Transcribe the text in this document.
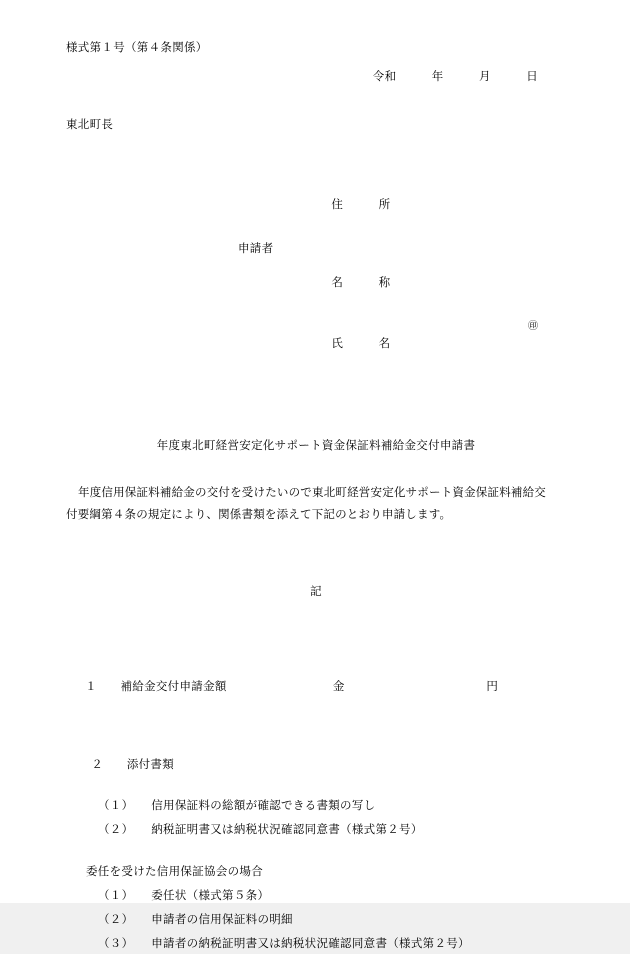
様式第１号（第４条関係）
令和　　　年　　　月　　　日
東北町長

住　　　所

申請者

名　　　称

氏　　　名

㊞

年度東北町経営安定化サポート資金保証料補給金交付申請書
年度信用保証料補給金の交付を受けたいので東北町経営安定化サポート資金保証料補給交
付要綱第４条の規定により、関係書類を添えて下記のとおり申請します。
記

１　　 補給金交付申請金額　　　　　　　　　	金　　　　　　　　　　　　	円

２　　 添付書類

（１）　　信用保証料の総額が確認できる書類の写し
（２）　　納税証明書又は納税状況確認同意書（様式第２号）
委任を受けた信用保証協会の場合
（１）　　委任状（様式第５条）
（２）　　申請者の信用保証料の明細
（３）　　申請者の納税証明書又は納税状況確認同意書（様式第２号）
